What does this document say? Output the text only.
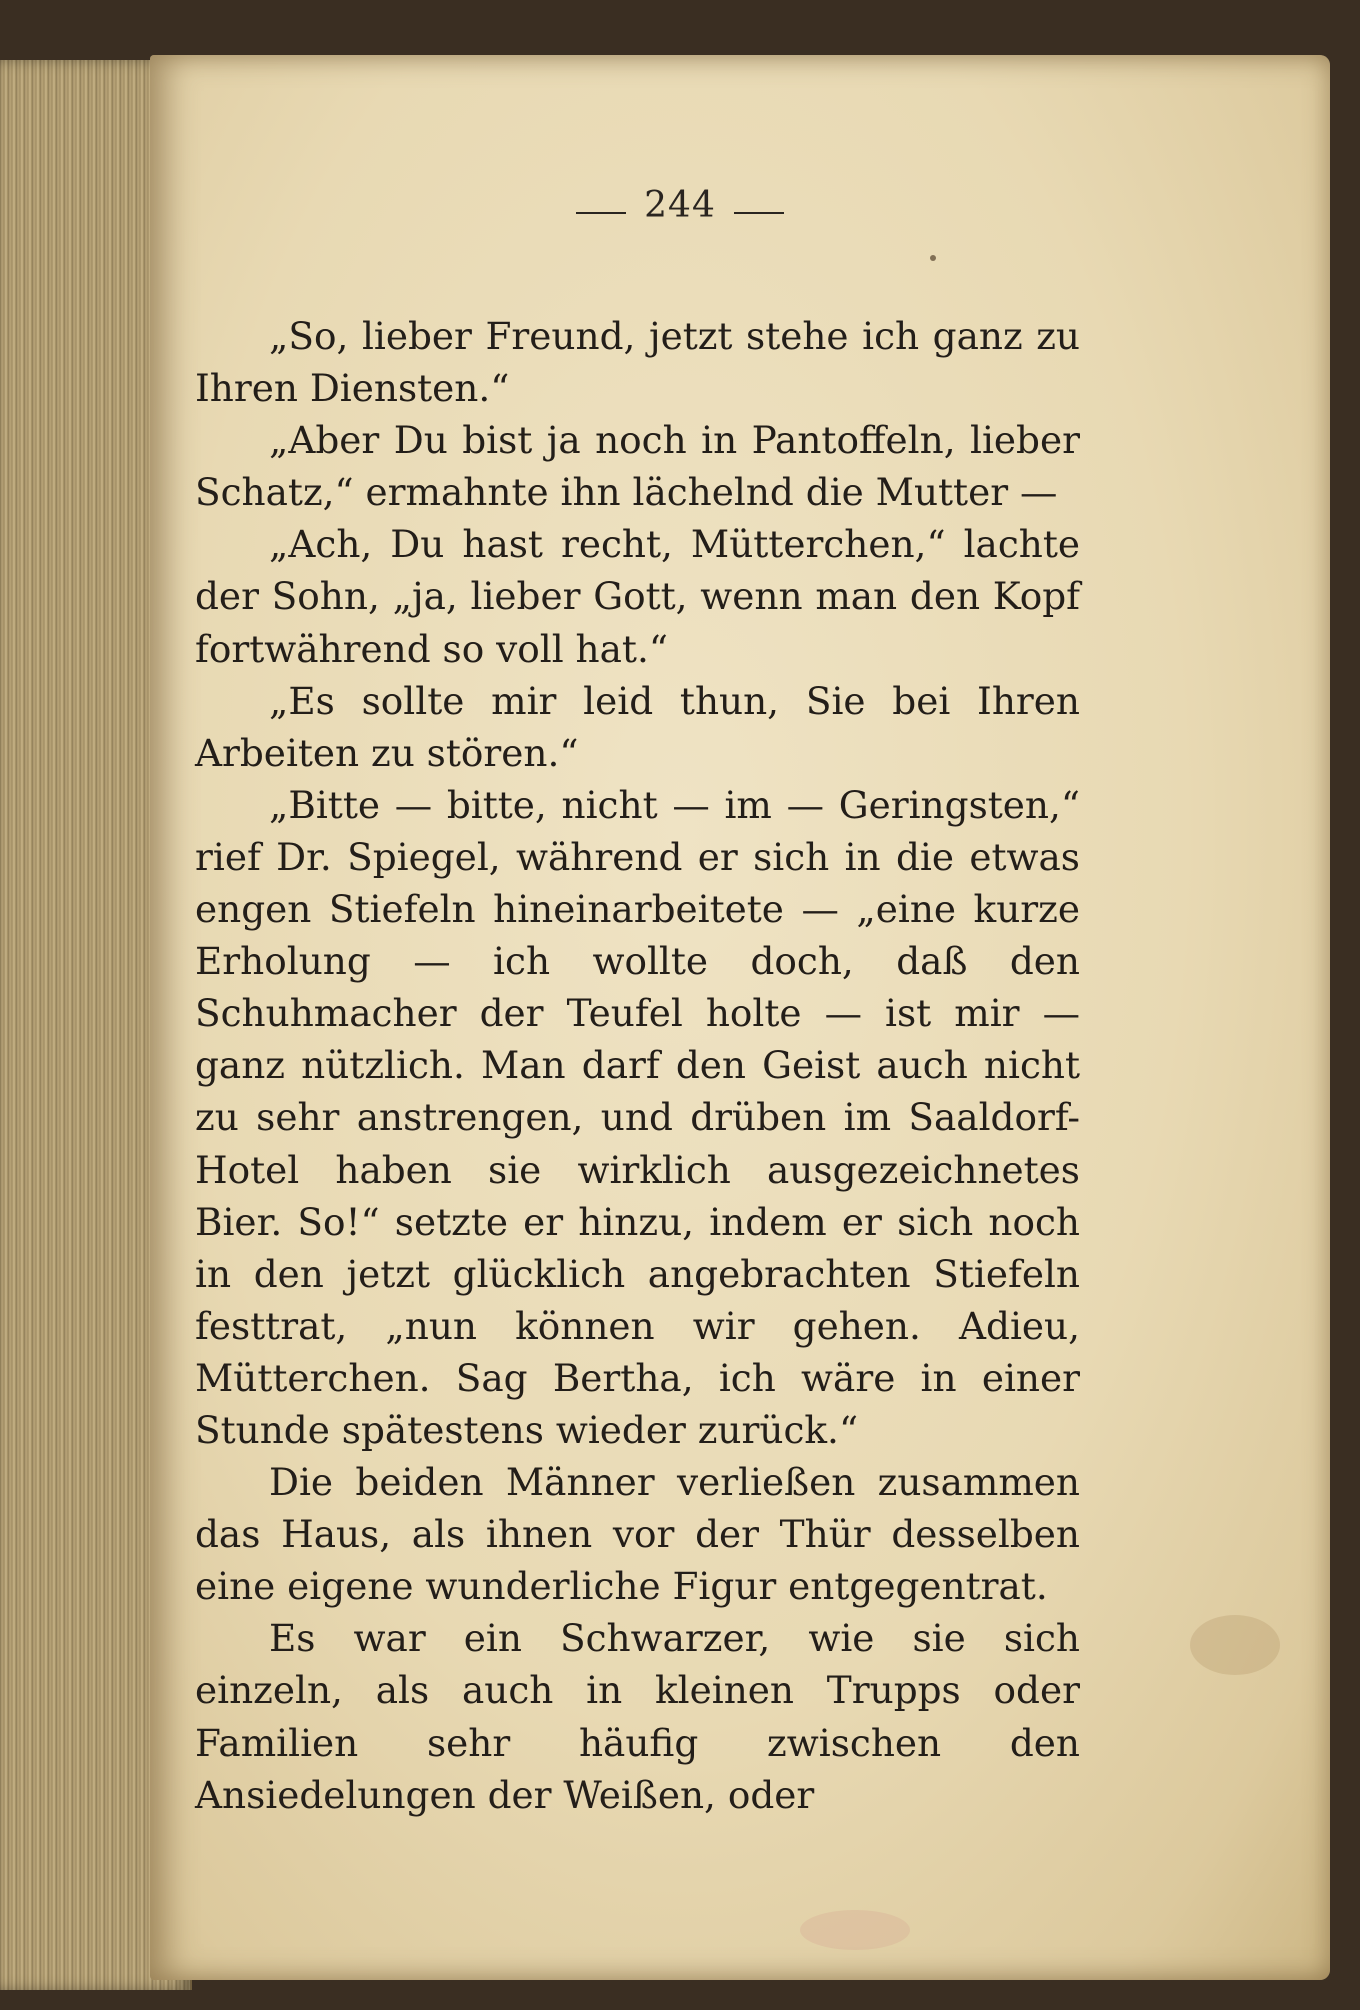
244

„So, lieber Freund, jetzt stehe ich ganz zu Ihren Diensten.“

„Aber Du bist ja noch in Pantoffeln, lieber Schatz,“ ermahnte ihn lächelnd die Mutter —

„Ach, Du hast recht, Mütterchen,“ lachte der Sohn, „ja, lieber Gott, wenn man den Kopf fortwährend so voll hat.“

„Es sollte mir leid thun, Sie bei Ihren Arbeiten zu stören.“

„Bitte — bitte, nicht — im — Geringsten,“ rief Dr. Spiegel, während er sich in die etwas engen Stiefeln hineinarbeitete — „eine kurze Erholung — ich wollte doch, daß den Schuhmacher der Teufel holte — ist mir — ganz nützlich. Man darf den Geist auch nicht zu sehr anstrengen, und drüben im Saaldorf-Hotel haben sie wirklich ausgezeichnetes Bier. So!“ setzte er hinzu, indem er sich noch in den jetzt glücklich angebrachten Stiefeln festtrat, „nun können wir gehen. Adieu, Mütterchen. Sag Bertha, ich wäre in einer Stunde spätestens wieder zurück.“

Die beiden Männer verließen zusammen das Haus, als ihnen vor der Thür desselben eine eigene wunderliche Figur entgegentrat.

Es war ein Schwarzer, wie sie sich einzeln, als auch in kleinen Trupps oder Familien sehr häufig zwischen den Ansiedelungen der Weißen, oder
